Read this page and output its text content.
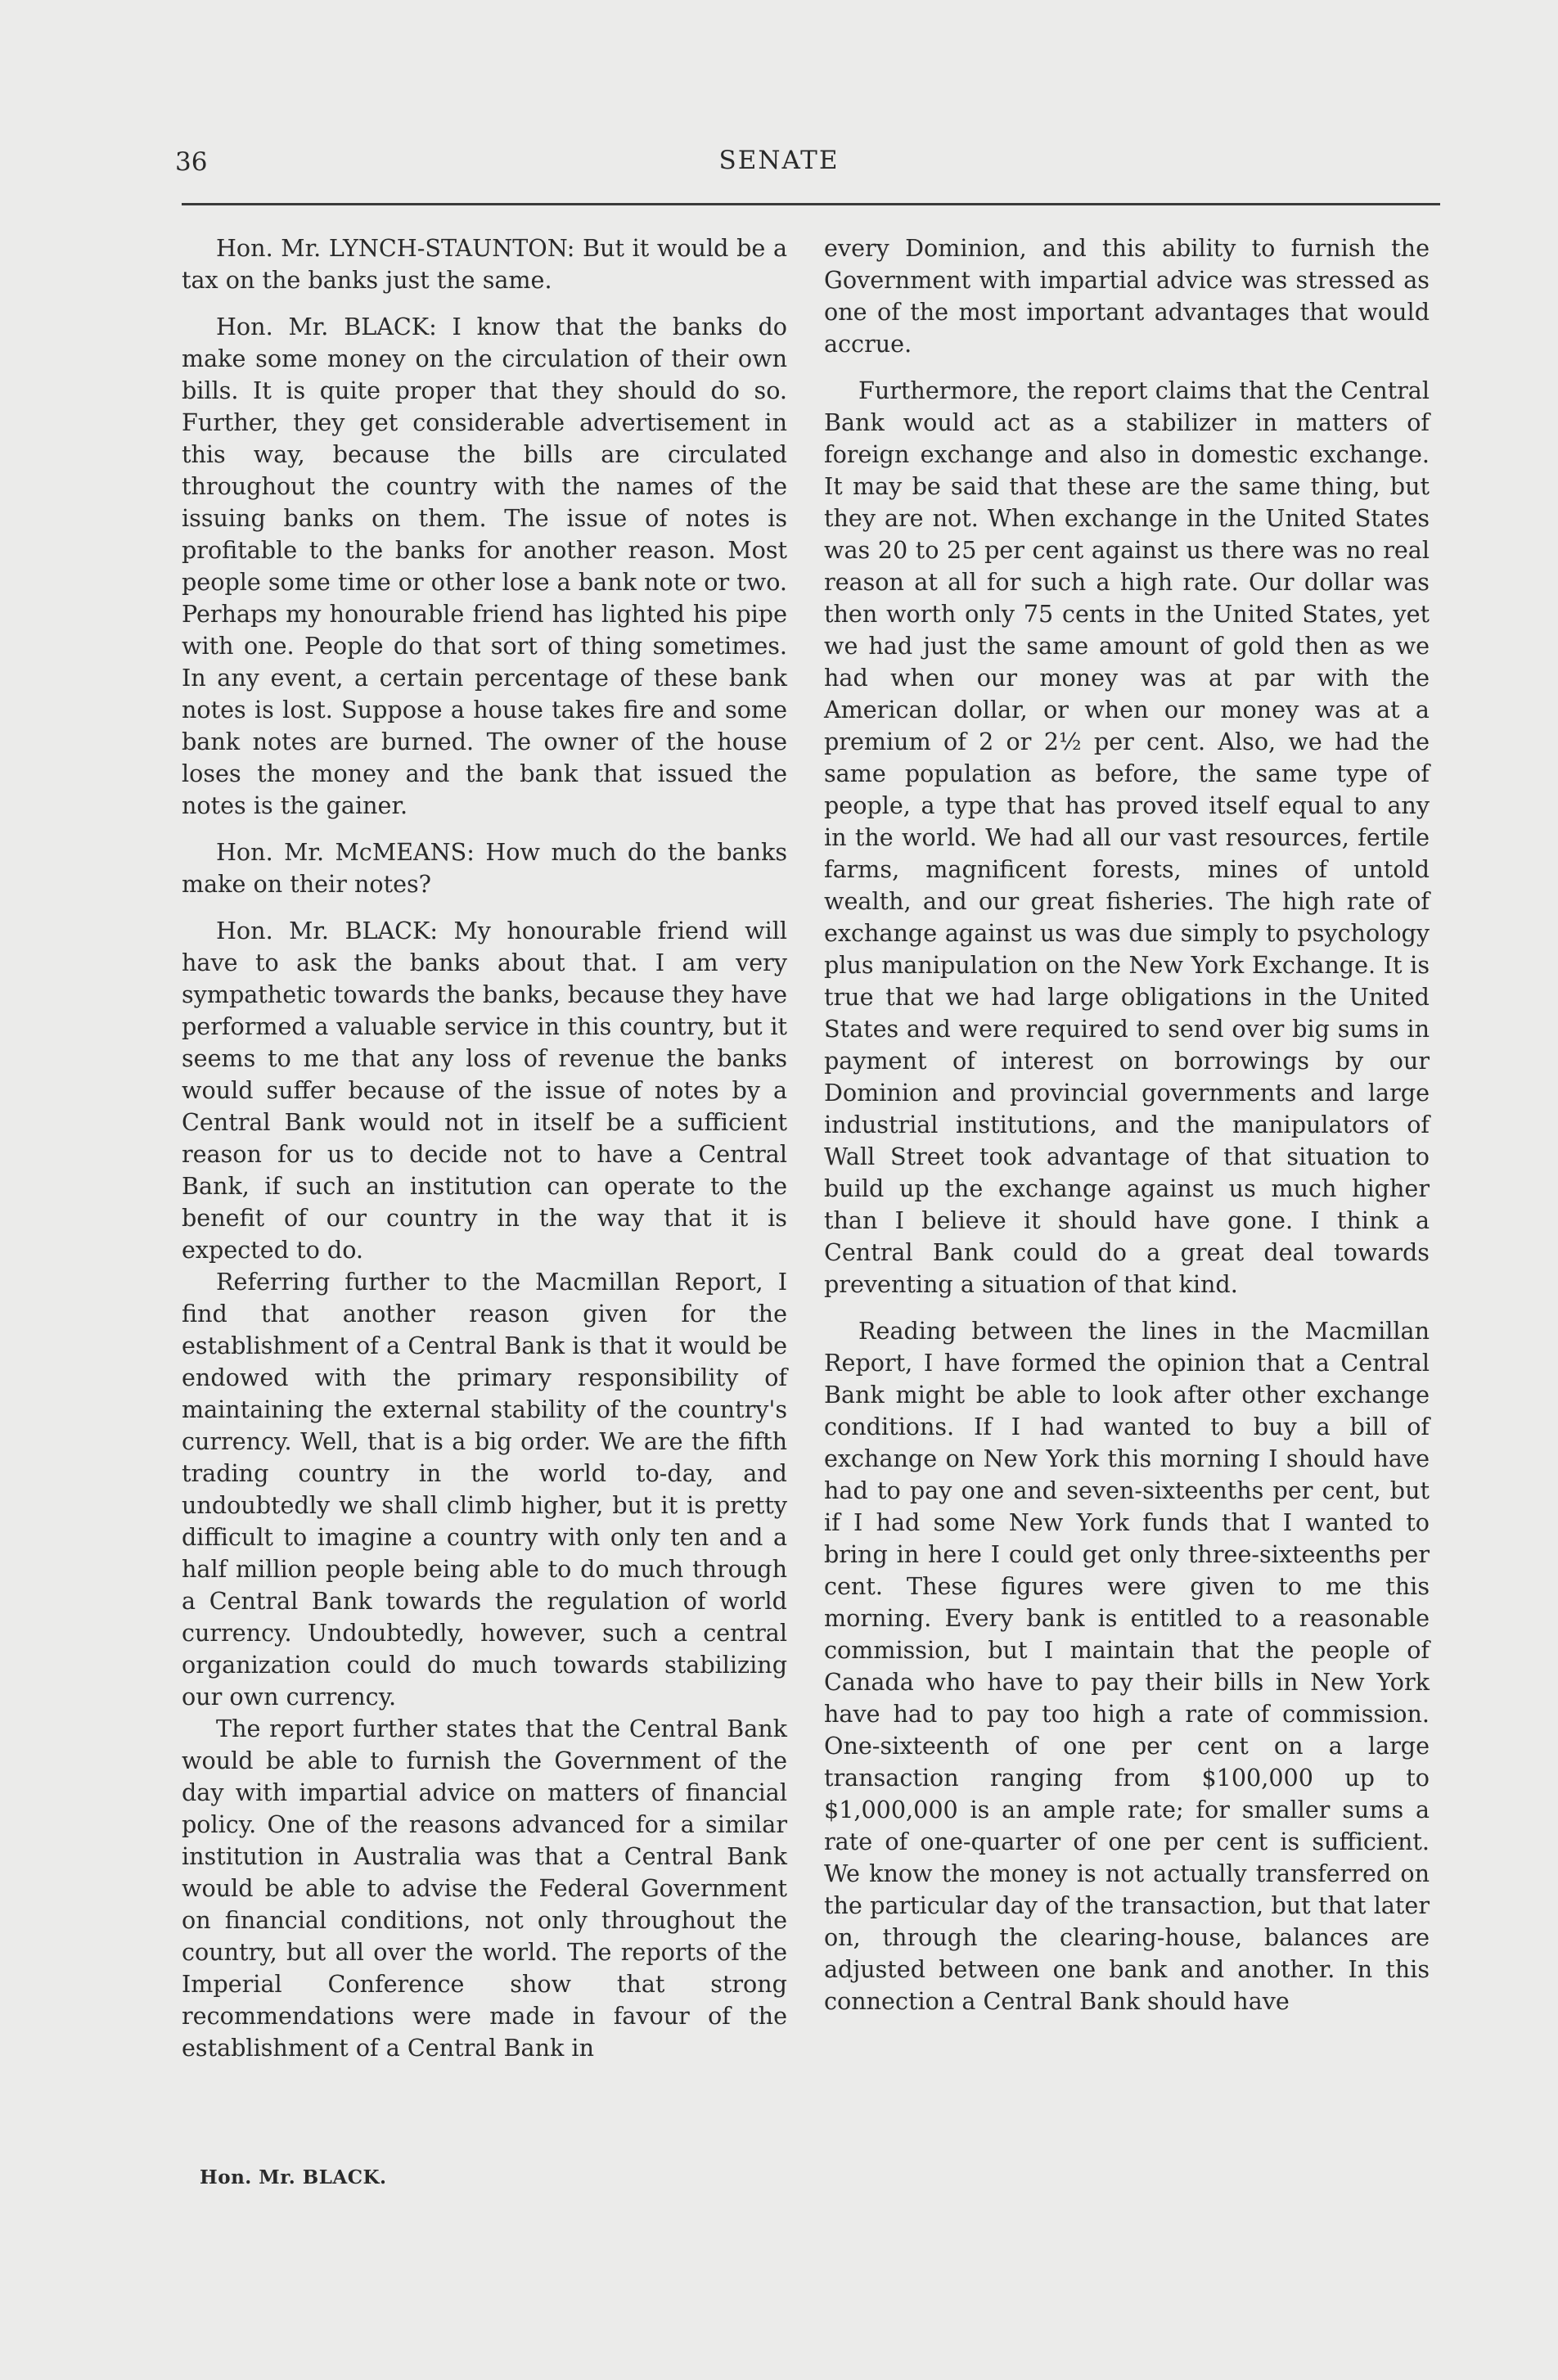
36	SENATE

Hon. Mr. LYNCH-STAUNTON: But it would be a tax on the banks just the same.

Hon. Mr. BLACK: I know that the banks do make some money on the circulation of their own bills. It is quite proper that they should do so. Further, they get considerable advertisement in this way, because the bills are circulated throughout the country with the names of the issuing banks on them. The issue of notes is profitable to the banks for another reason. Most people some time or other lose a bank note or two. Perhaps my honourable friend has lighted his pipe with one. People do that sort of thing sometimes. In any event, a certain percentage of these bank notes is lost. Suppose a house takes fire and some bank notes are burned. The owner of the house loses the money and the bank that issued the notes is the gainer.

Hon. Mr. McMEANS: How much do the banks make on their notes?

Hon. Mr. BLACK: My honourable friend will have to ask the banks about that. I am very sympathetic towards the banks, because they have performed a valuable service in this country, but it seems to me that any loss of revenue the banks would suffer because of the issue of notes by a Central Bank would not in itself be a sufficient reason for us to decide not to have a Central Bank, if such an institution can operate to the benefit of our country in the way that it is expected to do.

Referring further to the Macmillan Report, I find that another reason given for the establishment of a Central Bank is that it would be endowed with the primary responsibility of maintaining the external stability of the country's currency. Well, that is a big order. We are the fifth trading country in the world to-day, and undoubtedly we shall climb higher, but it is pretty difficult to imagine a country with only ten and a half million people being able to do much through a Central Bank towards the regulation of world currency. Undoubtedly, however, such a central organization could do much towards stabilizing our own currency.

The report further states that the Central Bank would be able to furnish the Government of the day with impartial advice on matters of financial policy. One of the reasons advanced for a similar institution in Australia was that a Central Bank would be able to advise the Federal Government on financial conditions, not only throughout the country, but all over the world. The reports of the Imperial Conference show that strong recommendations were made in favour of the establishment of a Central Bank in

every Dominion, and this ability to furnish the Government with impartial advice was stressed as one of the most important advantages that would accrue.

Furthermore, the report claims that the Central Bank would act as a stabilizer in matters of foreign exchange and also in domestic exchange. It may be said that these are the same thing, but they are not. When exchange in the United States was 20 to 25 per cent against us there was no real reason at all for such a high rate. Our dollar was then worth only 75 cents in the United States, yet we had just the same amount of gold then as we had when our money was at par with the American dollar, or when our money was at a premium of 2 or 2½ per cent. Also, we had the same population as before, the same type of people, a type that has proved itself equal to any in the world. We had all our vast resources, fertile farms, magnificent forests, mines of untold wealth, and our great fisheries. The high rate of exchange against us was due simply to psychology plus manipulation on the New York Exchange. It is true that we had large obligations in the United States and were required to send over big sums in payment of interest on borrowings by our Dominion and provincial governments and large industrial institutions, and the manipulators of Wall Street took advantage of that situation to build up the exchange against us much higher than I believe it should have gone. I think a Central Bank could do a great deal towards preventing a situation of that kind.

Reading between the lines in the Macmillan Report, I have formed the opinion that a Central Bank might be able to look after other exchange conditions. If I had wanted to buy a bill of exchange on New York this morning I should have had to pay one and seven-sixteenths per cent, but if I had some New York funds that I wanted to bring in here I could get only three-sixteenths per cent. These figures were given to me this morning. Every bank is entitled to a reasonable commission, but I maintain that the people of Canada who have to pay their bills in New York have had to pay too high a rate of commission. One-sixteenth of one per cent on a large transaction ranging from $100,000 up to $1,000,000 is an ample rate; for smaller sums a rate of one-quarter of one per cent is sufficient. We know the money is not actually transferred on the particular day of the transaction, but that later on, through the clearing-house, balances are adjusted between one bank and another. In this connection a Central Bank should have

Hon. Mr. BLACK.
